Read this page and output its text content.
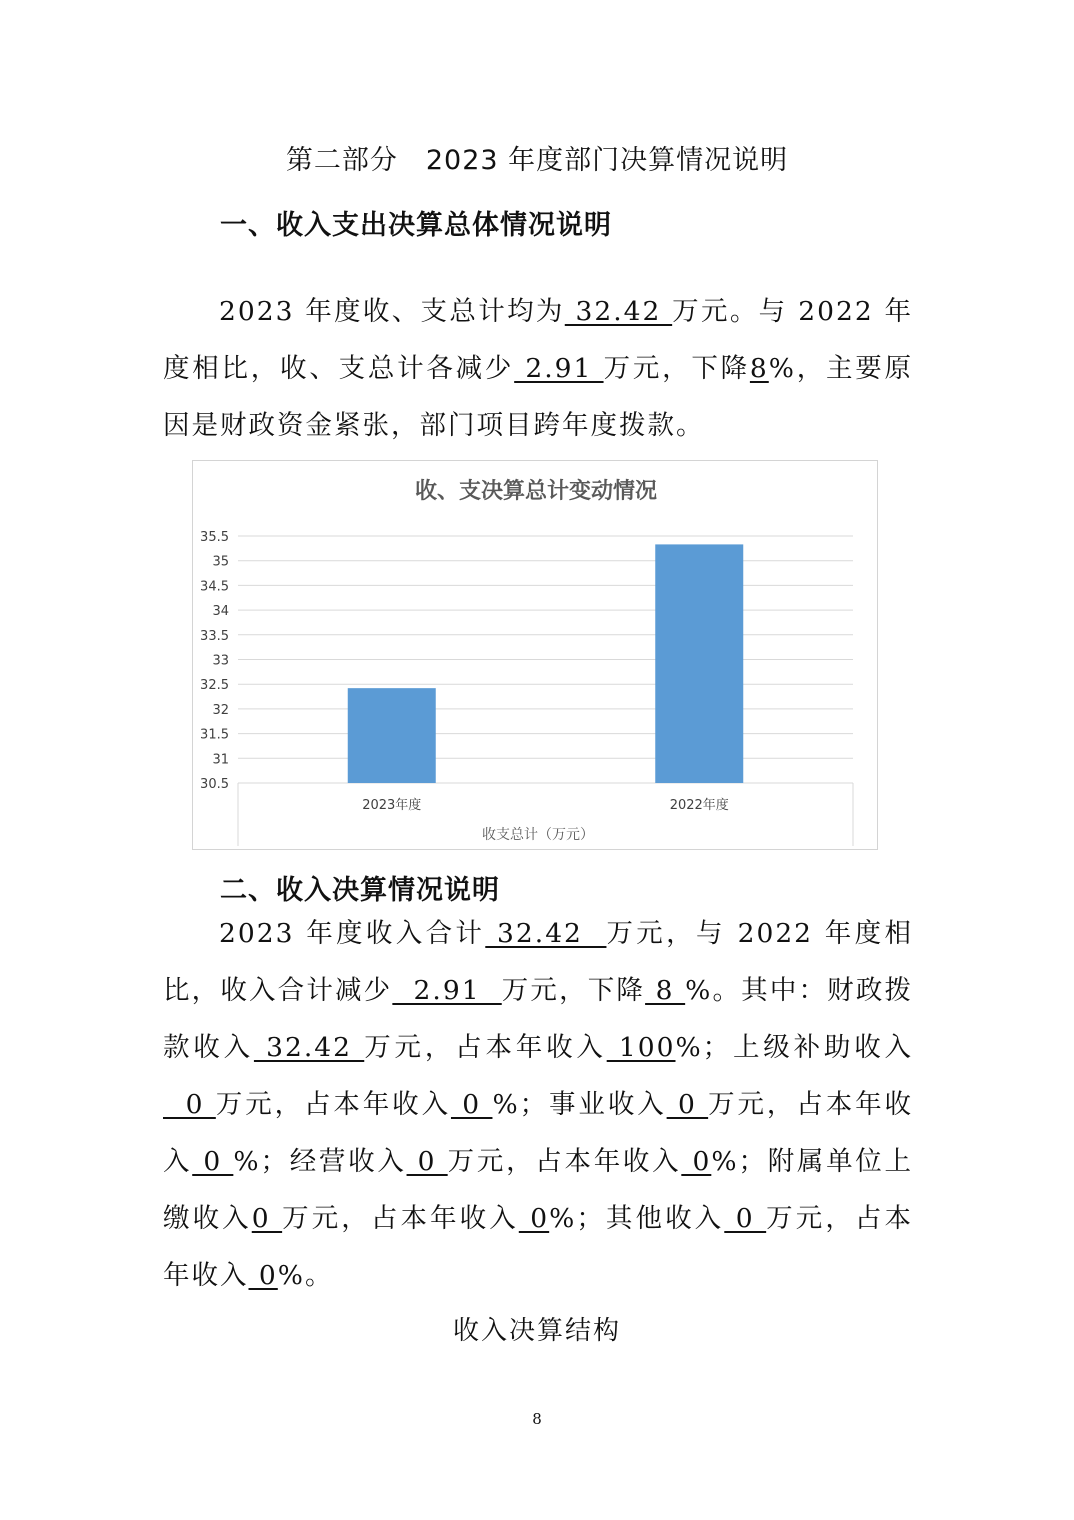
第二部分　2023 年度部门决算情况说明
一、收入支出决算总体情况说明

2023 年度收、支总计均为 32.42 万元。与 2022 年度相比，收、支总计各减少 2.91 万元，下降8%，主要原因是财政资金紧张，部门项目跨年度拨款。

收、支决算总计变动情况
30.5
31
31.5
32
32.5
33
33.5
34
34.5
35
35.5
2023年度	2022年度
收支总计（万元）
二、收入决算情况说明

2023 年度收入合计 32.42  万元，与 2022 年度相比，收入合计减少  2.91  万元，下降 8 %。其中：财政拨款收入 32.42 万元，占本年收入 100%；上级补助收入  0 万元，占本年收入 0 %；事业收入 0 万元，占本年收入 0 %；经营收入 0 万元，占本年收入 0%；附属单位上缴收入0 万元，占本年收入 0%；其他收入 0 万元，占本年收入 0%。

收入决算结构
8
